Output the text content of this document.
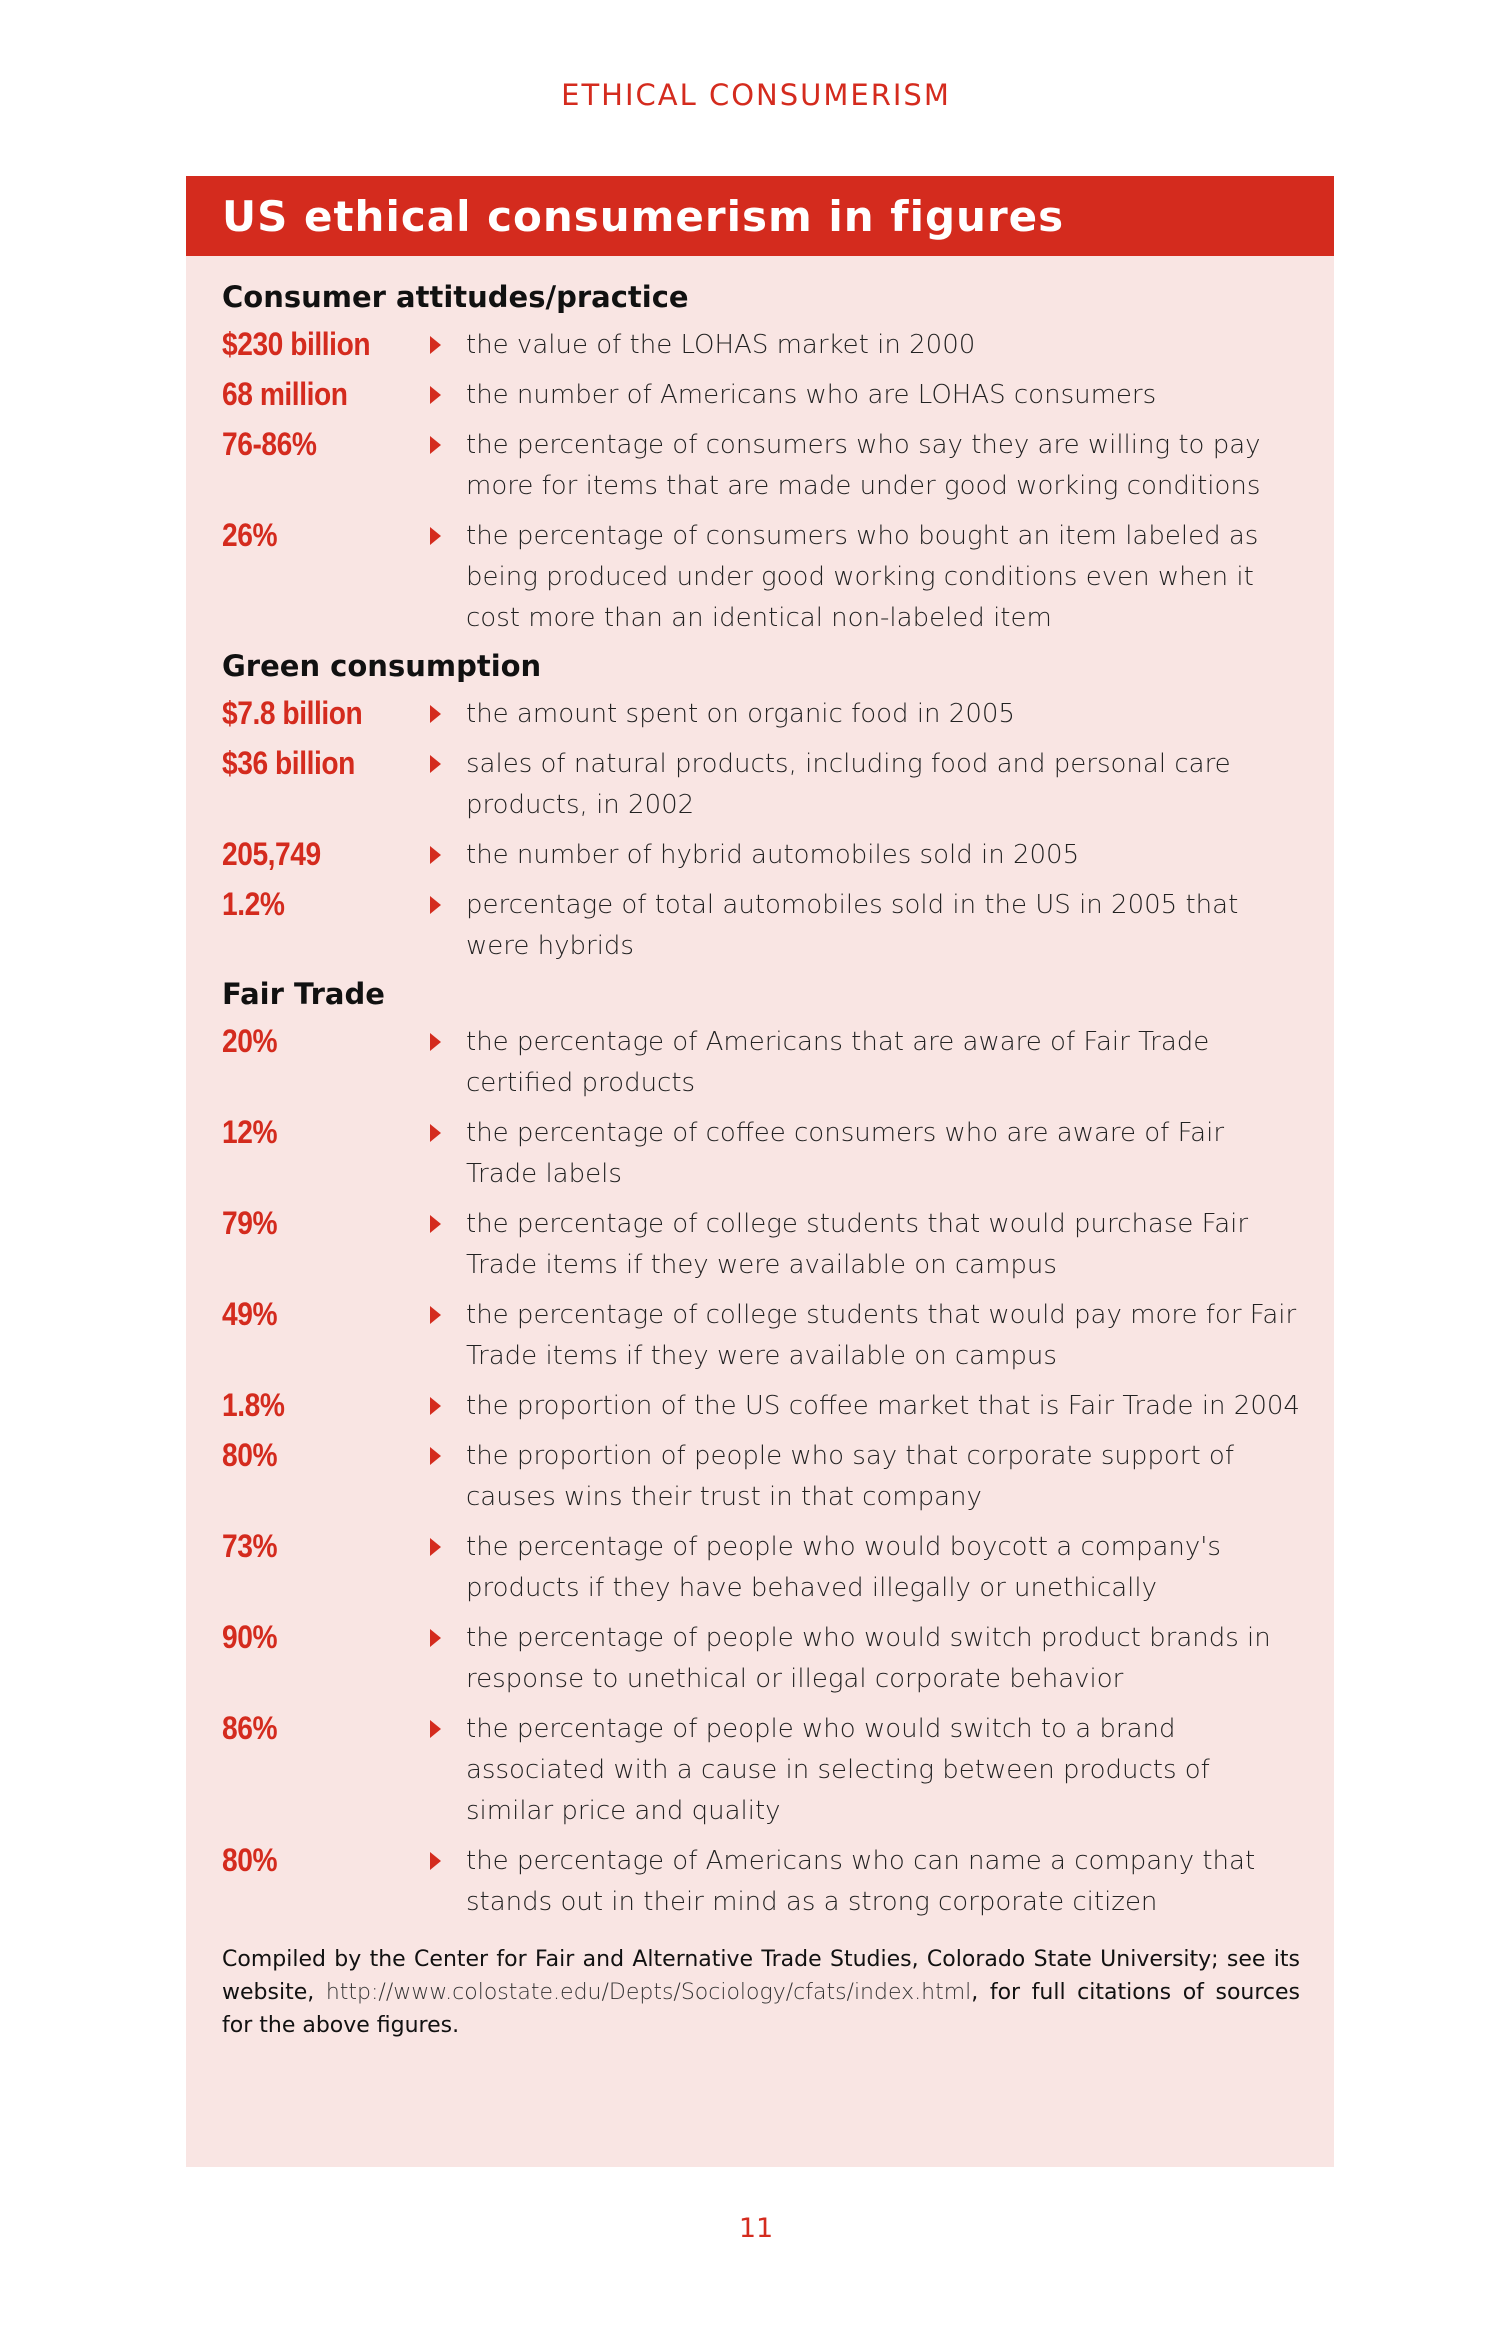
ETHICAL CONSUMERISM
US ethical consumerism in figures
Consumer attitudes/practice
$230 billion	the value of the LOHAS market in 2000
68 million	the number of Americans who are LOHAS consumers
76-86%	the percentage of consumers who say they are willing to pay more for items that are made under good working conditions
26%	the percentage of consumers who bought an item labeled as being produced under good working conditions even when it cost more than an identical non-labeled item
Green consumption
$7.8 billion	the amount spent on organic food in 2005
$36 billion	sales of natural products, including food and personal care products, in 2002
205,749	the number of hybrid automobiles sold in 2005
1.2%	percentage of total automobiles sold in the US in 2005 that were hybrids
Fair Trade
20%	the percentage of Americans that are aware of Fair Trade certified products
12%	the percentage of coffee consumers who are aware of Fair Trade labels
79%	the percentage of college students that would purchase Fair Trade items if they were available on campus
49%	the percentage of college students that would pay more for Fair Trade items if they were available on campus
1.8%	the proportion of the US coffee market that is Fair Trade in 2004
80%	the proportion of people who say that corporate support of causes wins their trust in that company
73%	the percentage of people who would boycott a company's products if they have behaved illegally or unethically
90%	the percentage of people who would switch product brands in response to unethical or illegal corporate behavior
86%	the percentage of people who would switch to a brand associated with a cause in selecting between products of similar price and quality
80%	the percentage of Americans who can name a company that stands out in their mind as a strong corporate citizen
Compiled by the Center for Fair and Alternative Trade Studies, Colorado State University; see its website, http://www.colostate.edu/Depts/Sociology/cfats/index.html, for full citations of sources for the above figures.
11
